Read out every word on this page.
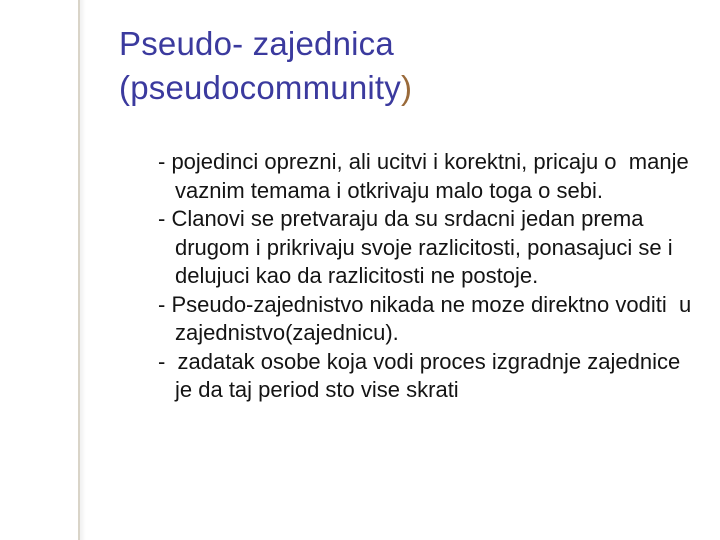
Pseudo- zajednica
(pseudocommunity)

- pojedinci oprezni, ali ucitvi i korektni, pricaju o  manje vaznim temama i otkrivaju malo toga o sebi.

- Clanovi se pretvaraju da su srdacni jedan prema drugom i prikrivaju svoje razlicitosti, ponasajuci se i delujuci kao da razlicitosti ne postoje.

- Pseudo-zajednistvo nikada ne moze direktno voditi  u zajednistvo(zajednicu).

-  zadatak osobe koja vodi proces izgradnje zajednice je da taj period sto vise skrati
